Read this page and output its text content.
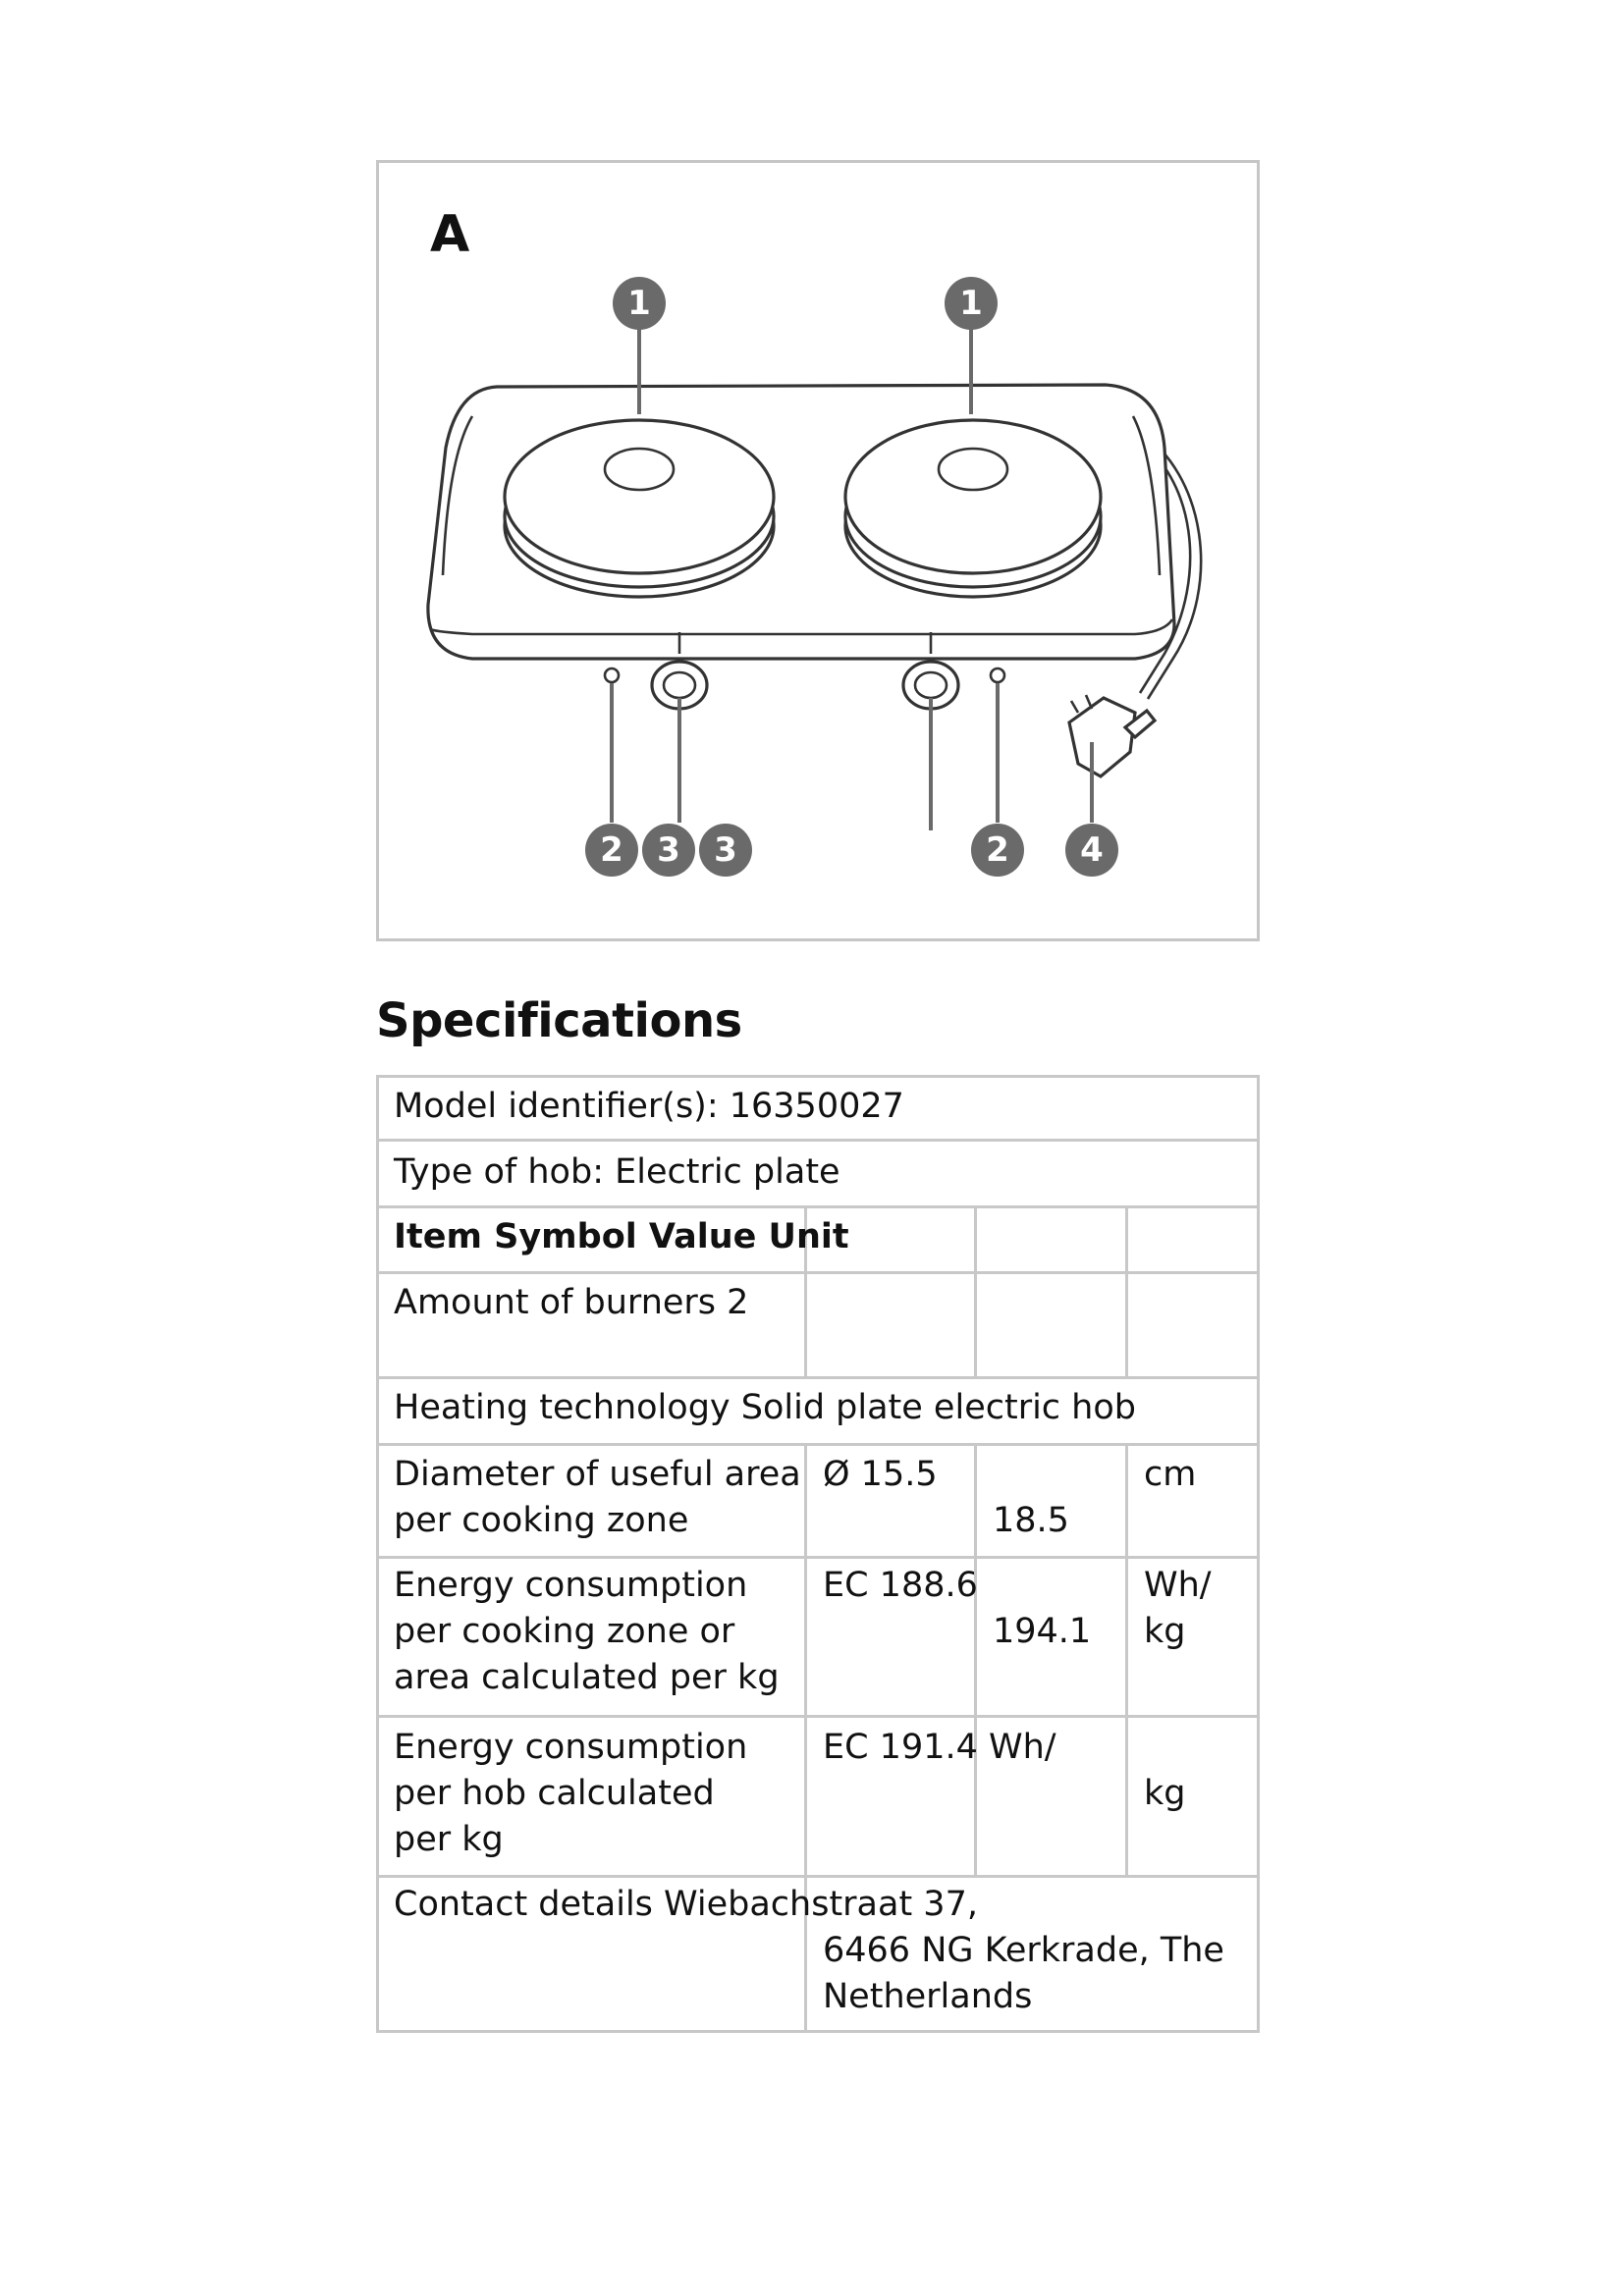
A
1	1
2 3 3	2 4
Specifications
Model identifier(s): 16350027
Type of hob: Electric plate
Item Symbol Value Unit
Amount of burners 2
Heating technology Solid plate electric hob
Diameter of useful area
per cooking zone
Ø 15.5
18.5
cm
Energy consumption
per cooking zone or
area calculated per kg
EC 188.6
194.1
Wh/
kg
Energy consumption
per hob calculated
per kg
EC 191.4 Wh/
kg
Contact details Wiebachstraat 37,
6466 NG Kerkrade, The
Netherlands
